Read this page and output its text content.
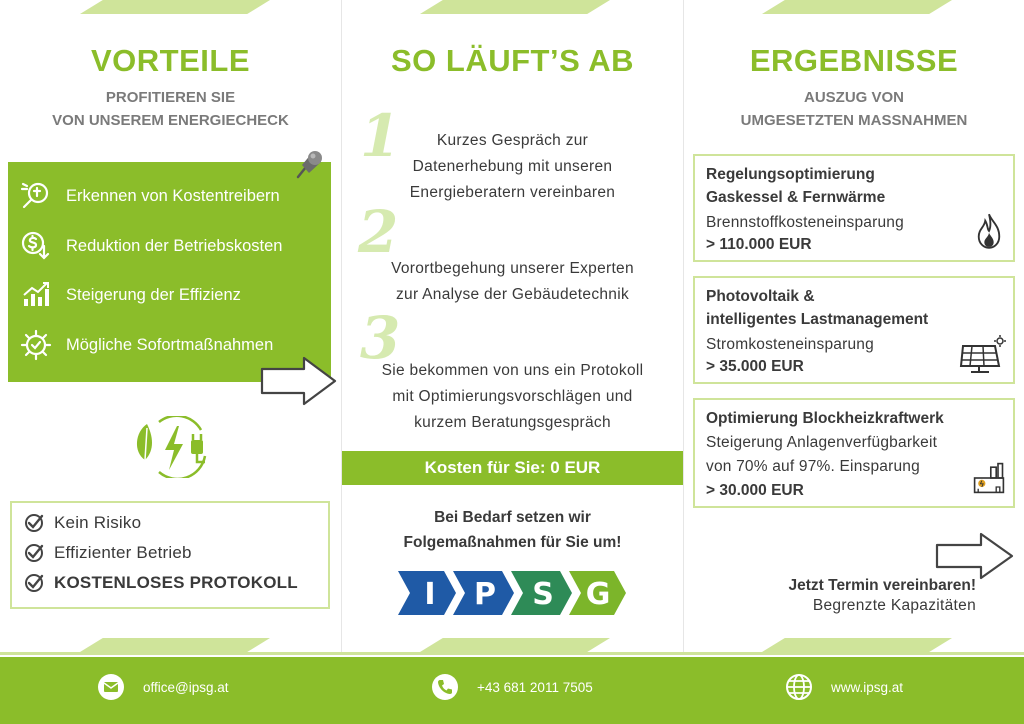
VORTEILE
PROFITIEREN SIE
VON UNSEREM ENERGIECHECK
Erkennen von Kostentreibern
Reduktion der Betriebskosten
Steigerung der Effizienz
Mögliche Sofortmaßnahmen
Kein Risiko
Effizienter Betrieb
KOSTENLOSES PROTOKOLL
SO LÄUFT’S AB
1	Kurzes Gespräch zur
Datenerhebung mit unseren
Energieberatern vereinbaren
2
Vorortbegehung unserer Experten
zur Analyse der Gebäudetechnik
3
Sie bekommen von uns ein Protokoll
mit Optimierungsvorschlägen und
kurzem Beratungsgespräch
Kosten für Sie: 0 EUR
Bei Bedarf setzen wir
Folgemaßnahmen für Sie um!
I P S G
ERGEBNISSE
AUSZUG VON
UMGESETZTEN MASSNAHMEN
Regelungsoptimierung
Gaskessel & Fernwärme
Brennstoffkosteneinsparung
> 110.000 EUR
Photovoltaik &
intelligentes Lastmanagement
Stromkosteneinsparung
> 35.000 EUR
Optimierung Blockheizkraftwerk
Steigerung Anlagenverfügbarkeit
von 70% auf 97%. Einsparung
> 30.000 EUR
Jetzt Termin vereinbaren!
Begrenzte Kapazitäten
office@ipsg.at	+43 681 2011 7505	www.ipsg.at
